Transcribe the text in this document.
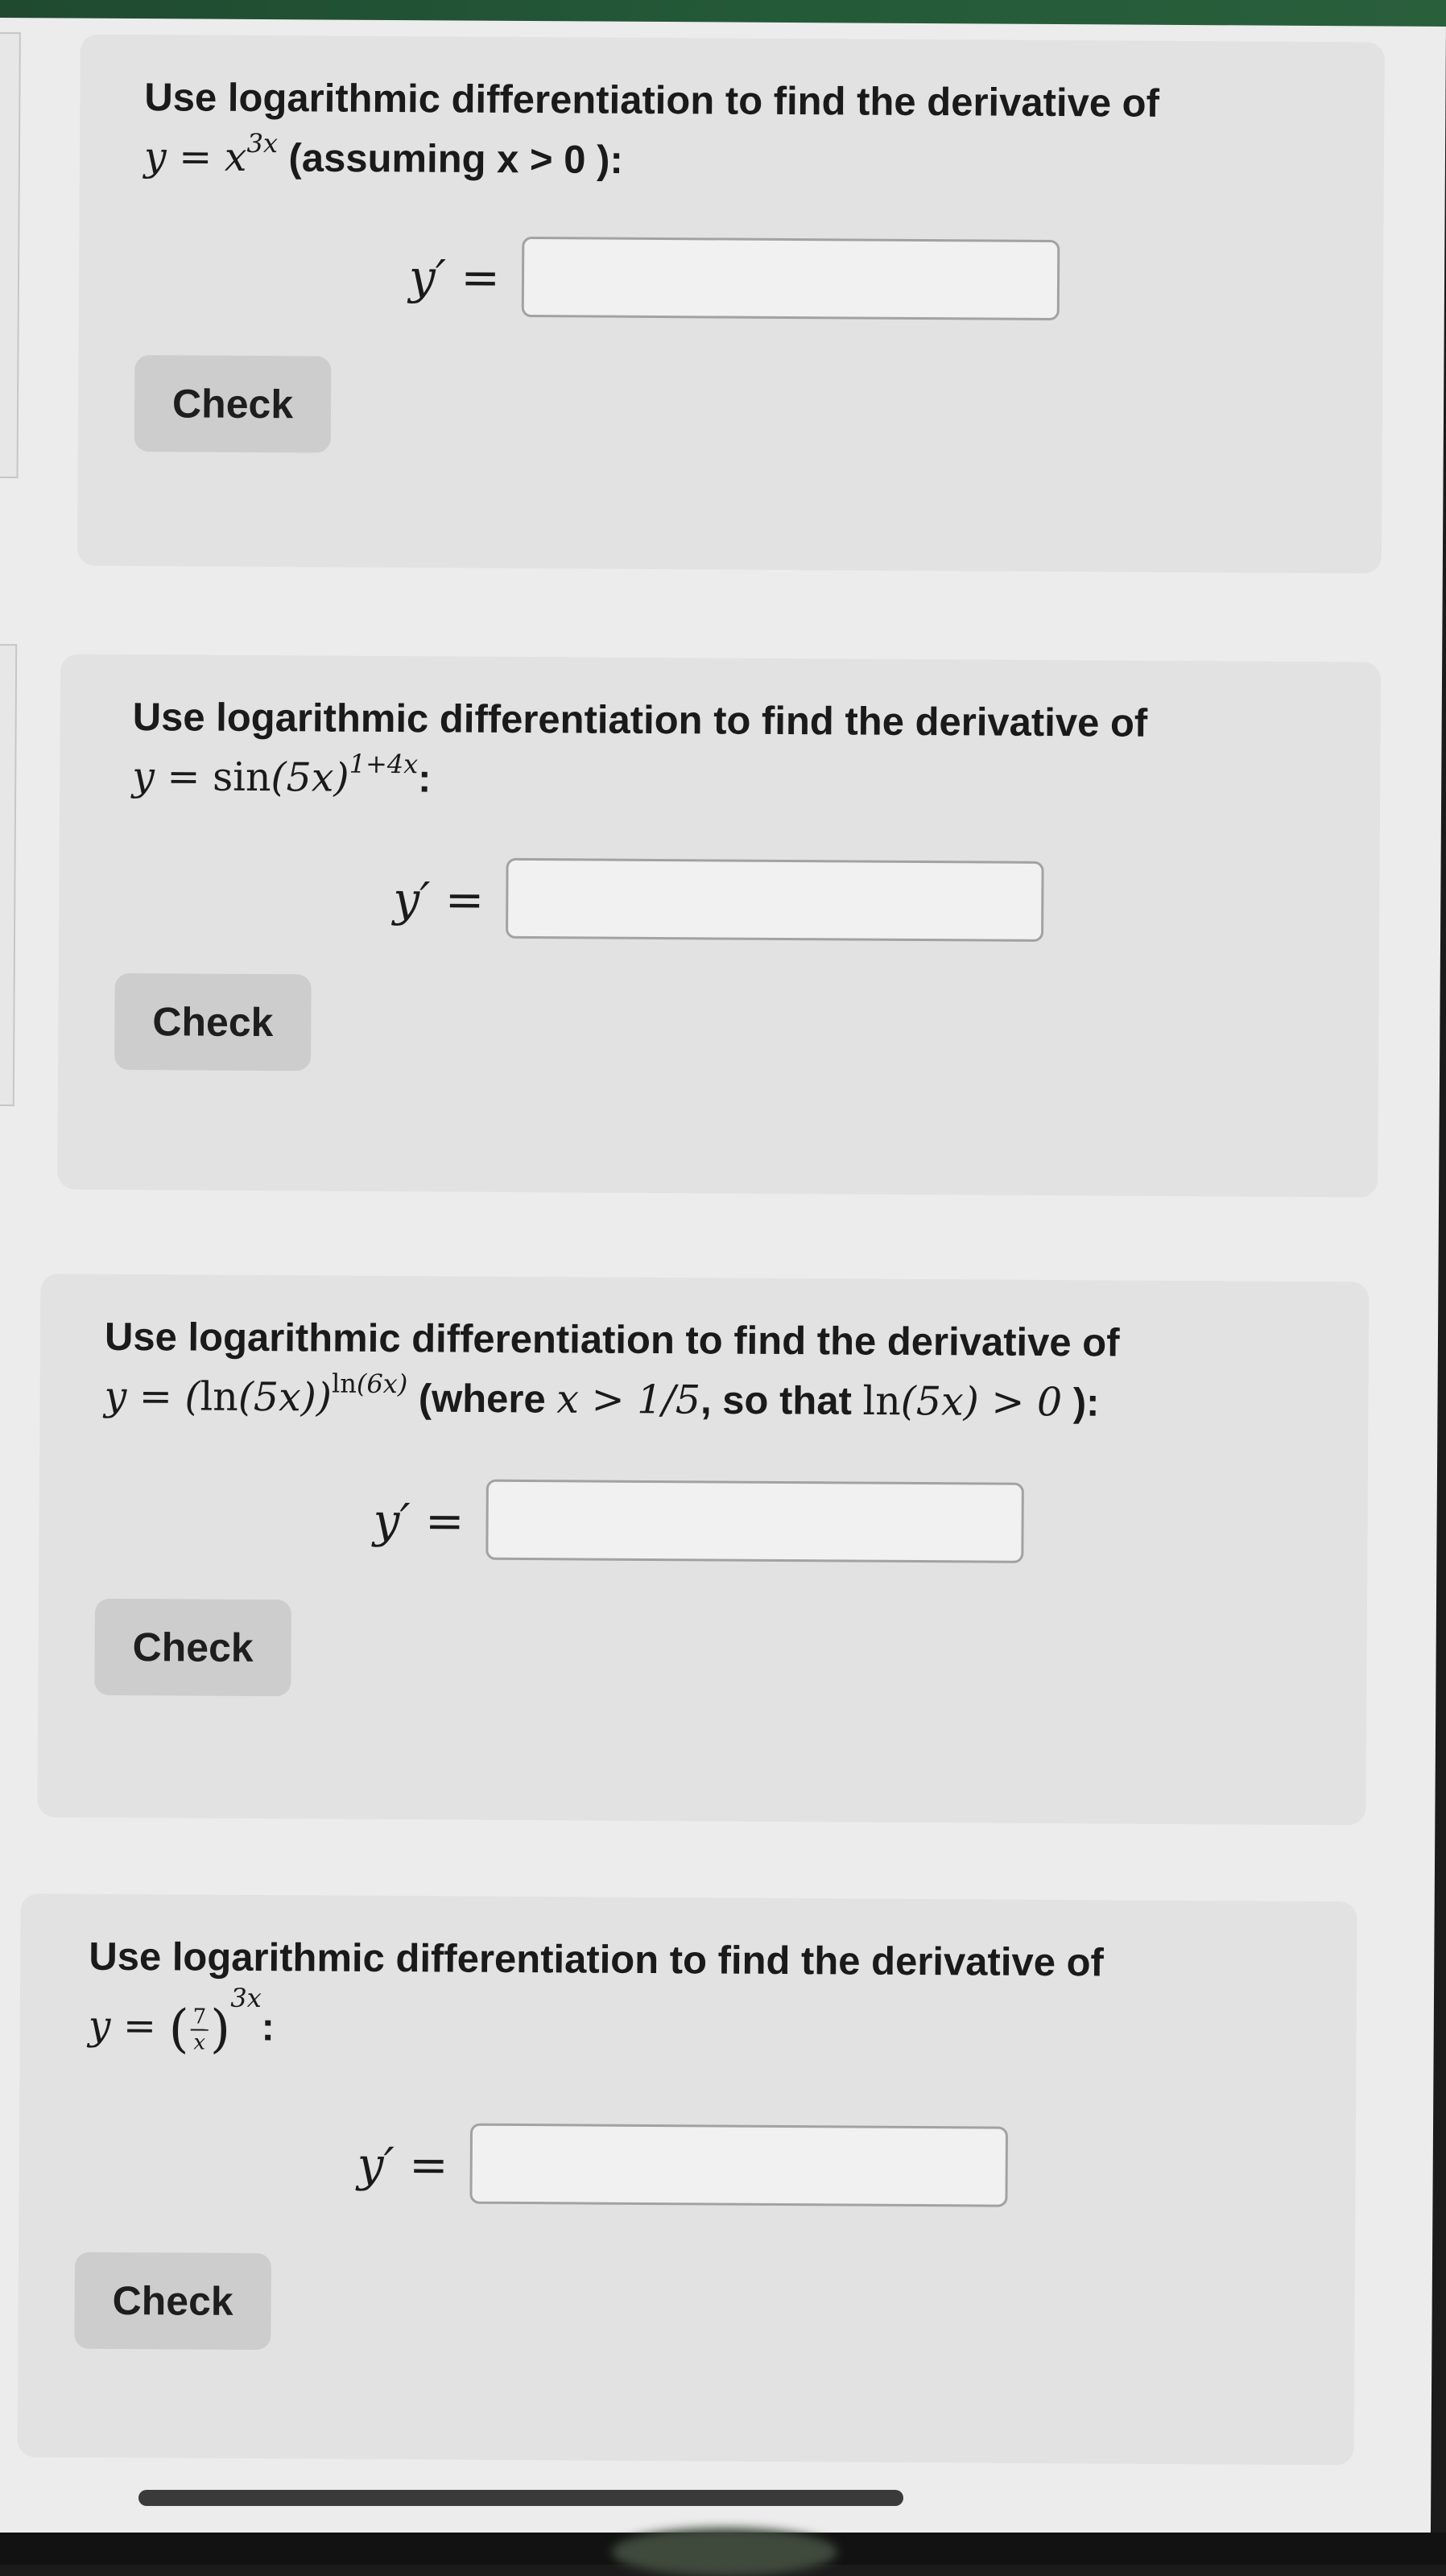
Use logarithmic differentiation to find the derivative of
$y = x^{3x}$ (assuming x > 0 ):
y′ =
Check
Use logarithmic differentiation to find the derivative of
$y = \sin(5x)^{1+4x}$:
y′ =
Check
Use logarithmic differentiation to find the derivative of
$y = (\ln(5x))^{ln(6x)}$ (where x > 1/5, so that ln(5x) > 0 ):
y′ =
Check
Use logarithmic differentiation to find the derivative of
y = ( $\frac{7}{x} )^{3x}$:
y′ =
Check
